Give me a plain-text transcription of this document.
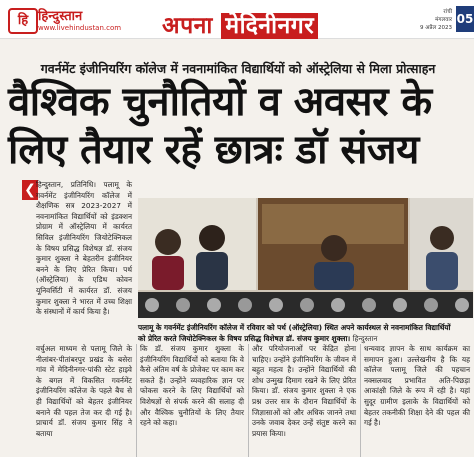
हि हिन्दुस्तान
www.livehindustan.com अपना मेदिनीनगर
रांची
मंगलवार
9 अप्रैल 2023
05
गवर्नमेंट इंजीनियरिंग कॉलेज में नवनामांकित विद्यार्थियों को ऑस्ट्रेलिया से मिला प्रोत्साहन
वैश्विक चुनौतियों व अवसर के लिए तैयार रहें छात्रः डॉ संजय
❮ हिन्दुस्तान, प्रतिनिधि। पलामू के गवर्नमेंट इंजीनियरिंग कॉलेज में शैक्षणिक सत्र 2023-2027 में नवनामांकित विद्यार्थियों को इंडक्शन प्रोग्राम में ऑस्ट्रेलिया में कार्यरत सिविल इंजीनियरिंग जियोटेक्निकल के विषय प्रसिद्ध विशेषज्ञ डॉ. संजय कुमार शुक्ला ने बेहतरीन इंजीनियर बनने के लिए प्रेरित किया। पर्थ (ऑस्ट्रेलिया) के एडिथ कोवन यूनिवर्सिटी में कार्यरत डॉ. संजय कुमार शुक्ला ने भारत में उच्च शिक्षा के संस्थानों में कार्य किया है।
पलामू के गवर्नमेंट इंजीनियरिंग कॉलेज में रविवार को पर्थ (ऑस्ट्रेलिया) स्थित अपने कार्यस्थल से नवनामांकित विद्यार्थियों को प्रेरित करते जियोटेक्निकल के विषय प्रसिद्ध विशेषज्ञ डॉ. संजय कुमार शुक्ला। हिन्दुस्तान
वर्चुअल माध्यम से पलामू जिले के नीलांबर-पीतांबरपुर प्रखंड के बसेरा गांव में मेदिनीनगर-पांकी स्टेट हाइवे के बगल में विकसित गवर्नमेंट इंजीनियरिंग कॉलेज के पहले बैच से ही विद्यार्थियों को बेहतर इंजीनियर बनाने की पहल तेज कर दी गई है। प्राचार्य डॉ. संजय कुमार सिंह ने बताया
कि डॉ. संजय कुमार शुक्ला के इंजीनियरिंग विद्यार्थियों को बताया कि वे कैसे अंतिम वर्ष के प्रोजेक्ट पर काम कर सकते हैं। उन्होंने व्यवहारिक ज्ञान पर फोकस करने के लिए विद्यार्थियों को विशेषज्ञों से संपर्क करने की सलाह दी और वैश्विक चुनौतियों के लिए तैयार रहने को कहा।
और परियोजनाओं पर केंद्रित होना चाहिए। उन्होंने इंजीनियरिंग के जीवन में बहुत महत्व है। उन्होंने विद्यार्थियों की शोध उन्मुख दिमाग रखने के लिए प्रेरित किया। डॉ. संजय कुमार शुक्ला ने एक प्रश्न उत्तर सत्र के दौरान विद्यार्थियों के जिज्ञासाओं को और अधिक जानने तथा उनके जवाब देकर उन्हें संतुष्ट करने का प्रयास किया।
धन्यवाद ज्ञापन के साथ कार्यक्रम का समापन हुआ। उल्लेखनीय है कि यह कॉलेज पलामू जिले की पहचान नक्सलवाद प्रभावित अति-पिछड़ा आकांक्षी जिले के रूप में रही है। यहां सुदूर ग्रामीण इलाके के विद्यार्थियों को बेहतर तकनीकी शिक्षा देने की पहल की गई है।
